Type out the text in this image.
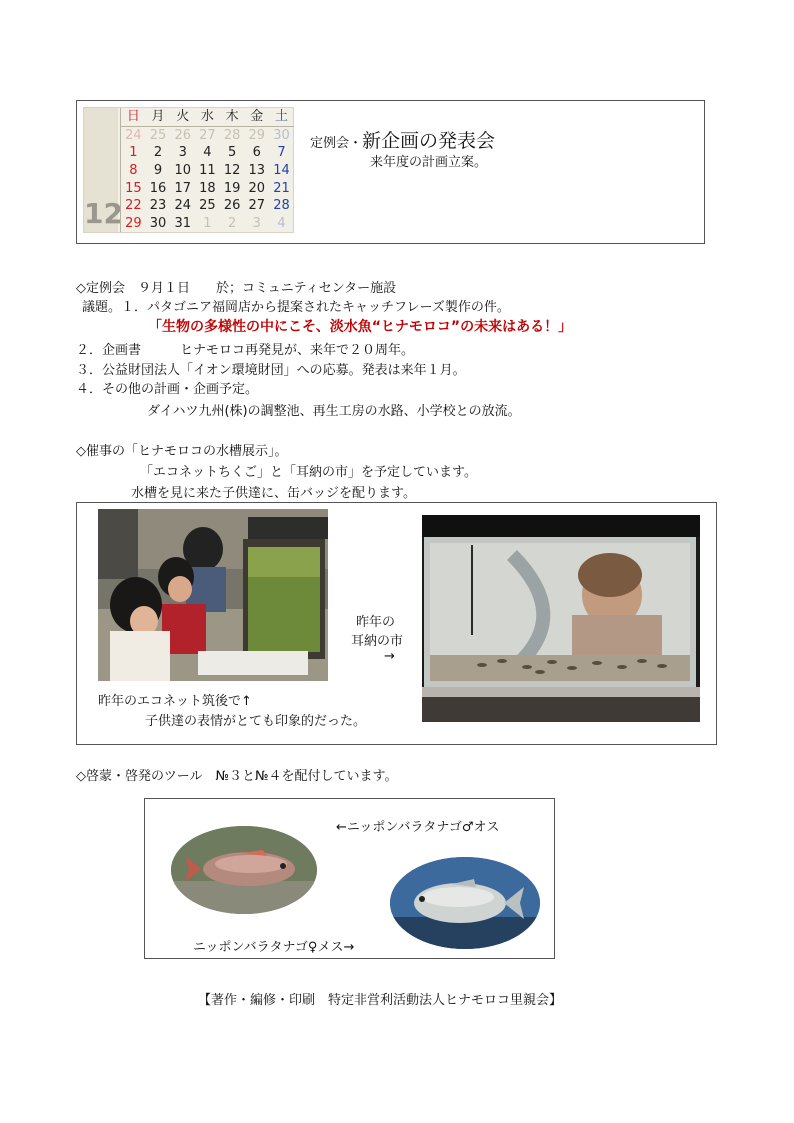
12
日 月 火 水 木 金 土
24 25 26 27 28 29 30
1	2	3	4	5	6	7
8	9 10 11 12 13 14
15 16 17 18 19 20 21
22 23 24 25 26 27 28
29 30 31 1	2	3	4
定例会・新企画の発表会
来年度の計画立案。
◇定例会　９月１日　　於；コミュニティセンター施設
議題。１．パタゴニア福岡店から提案されたキャッチフレーズ製作の件。
「生物の多様性の中にこそ、淡水魚“ヒナモロコ”の未来はある！」
２．企画書　　　ヒナモロコ再発見が、来年で２０周年。
３．公益財団法人「イオン環境財団」への応募。発表は来年１月。
４．その他の計画・企画予定。
ダイハツ九州(株)の調整池、再生工房の水路、小学校との放流。
◇催事の「ヒナモロコの水槽展示」。
「エコネットちくご」と「耳納の市」を予定しています。
水槽を見に来た子供達に、缶バッジを配ります。
昨年の
耳納の市
→
昨年のエコネット筑後で↑
子供達の表情がとても印象的だった。
◇啓蒙・啓発のツール　№３と№４を配付しています。
←ニッポンバラタナゴ♂オス
ニッポンバラタナゴ♀メス→
【著作・編修・印刷　特定非営利活動法人ヒナモロコ里親会】
